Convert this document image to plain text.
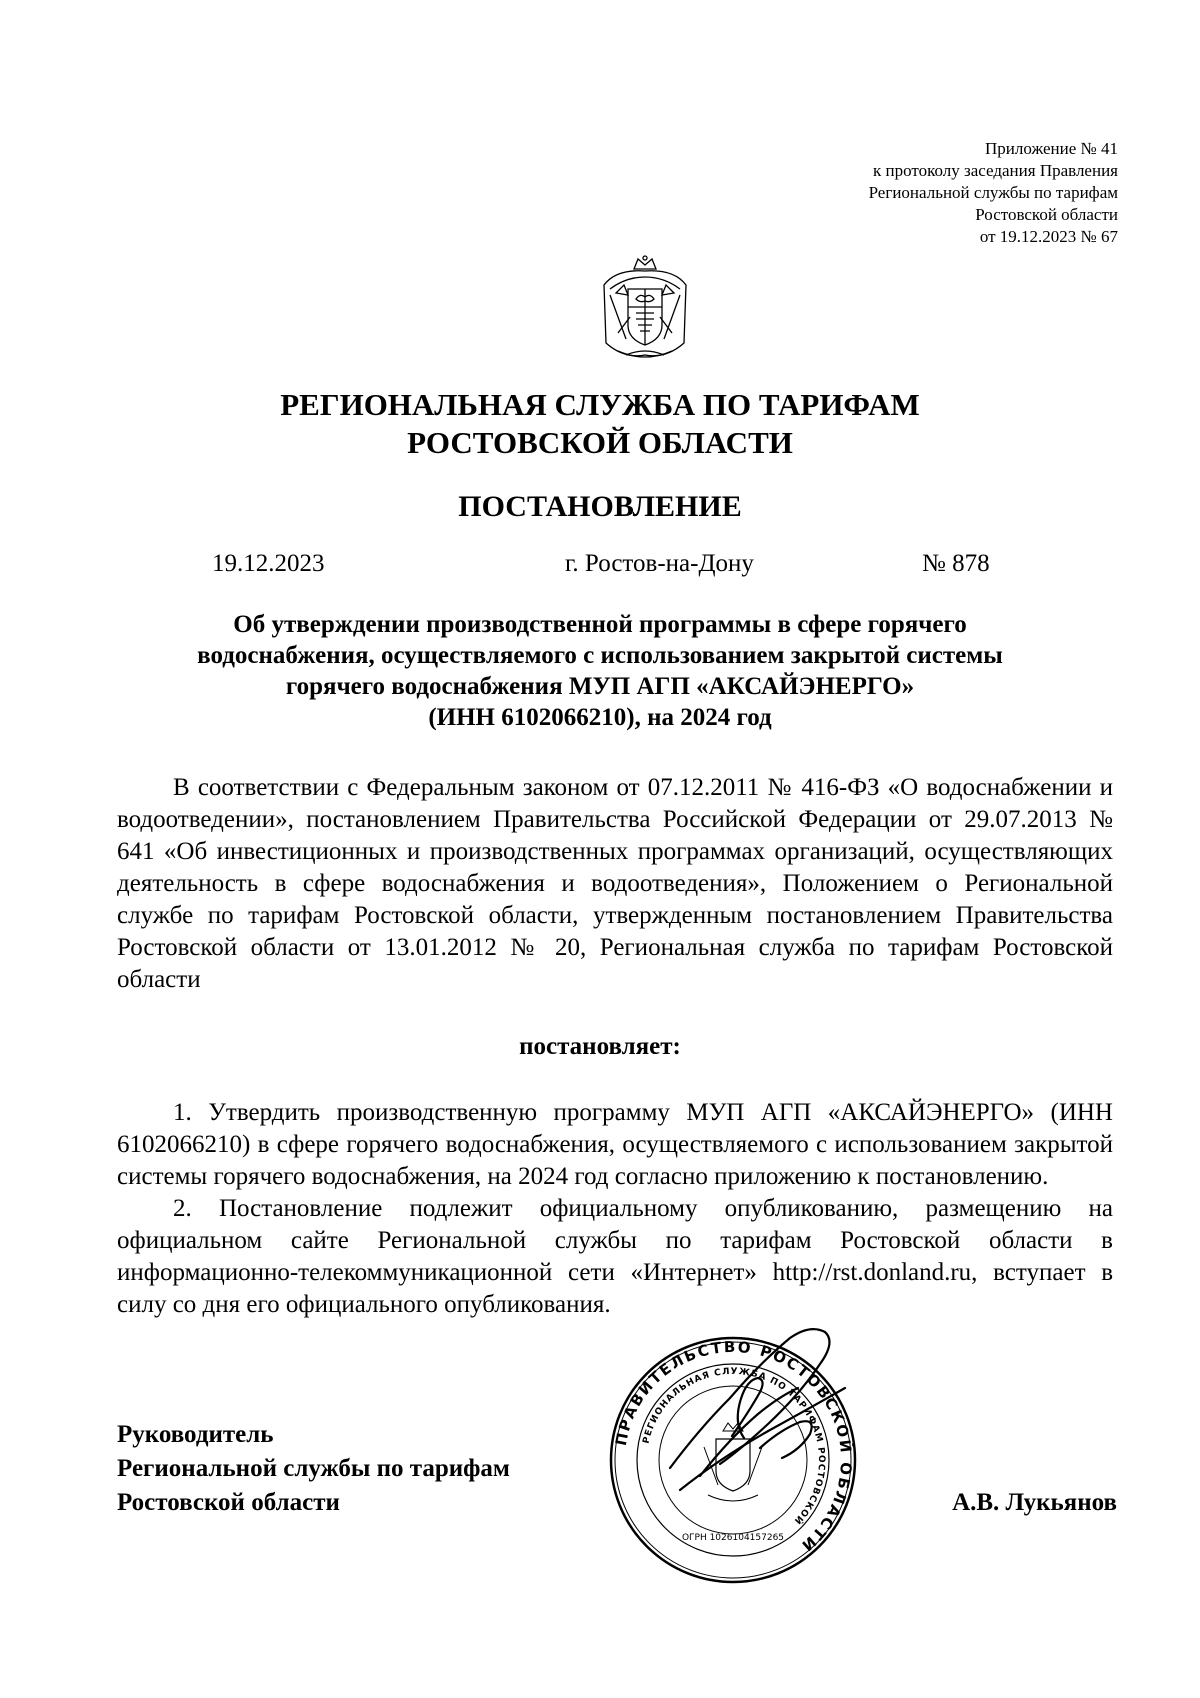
Приложение № 41
к протоколу заседания Правления
Региональной службы по тарифам
Ростовской области
от 19.12.2023 № 67
РЕГИОНАЛЬНАЯ СЛУЖБА ПО ТАРИФАМ
РОСТОВСКОЙ ОБЛАСТИ
ПОСТАНОВЛЕНИЕ
19.12.2023	г. Ростов-на-Дону	№ 878
Об утверждении производственной программы в сфере горячего
водоснабжения, осуществляемого с использованием закрытой системы
горячего водоснабжения МУП АГП «АКСАЙЭНЕРГО»
(ИНН 6102066210), на 2024 год
В соответствии с Федеральным законом от 07.12.2011 № 416-ФЗ «О водоснабжении и водоотведении», постановлением Правительства Российской Федерации от 29.07.2013 № 641 «Об инвестиционных и производственных программах организаций, осуществляющих деятельность в сфере водоснабжения и водоотведения», Положением о Региональной службе по тарифам Ростовской области, утвержденным постановлением Правительства Ростовской области от 13.01.2012 № 20, Региональная служба по тарифам Ростовской области
постановляет:

1. Утвердить производственную программу МУП АГП «АКСАЙЭНЕРГО» (ИНН 6102066210) в сфере горячего водоснабжения, осуществляемого с использованием закрытой системы горячего водоснабжения, на 2024 год согласно приложению к постановлению.

2. Постановление подлежит официальному опубликованию, размещению на официальном сайте Региональной службы по тарифам Ростовской области в информационно-телекоммуникационной сети «Интернет» http://rst.donland.ru, вступает в силу со дня его официального опубликования.

Руководитель
Региональной службы по тарифам
Ростовской области
ПРАВИТЕЛЬСТВО РОСТОВСКОЙ ОБЛАСТИ
РЕГИОНАЛЬНАЯ СЛУЖБА ПО ТАРИФАМ РОСТОВСКОЙ
ОГРН 1026104157265
А.В. Лукьянов
